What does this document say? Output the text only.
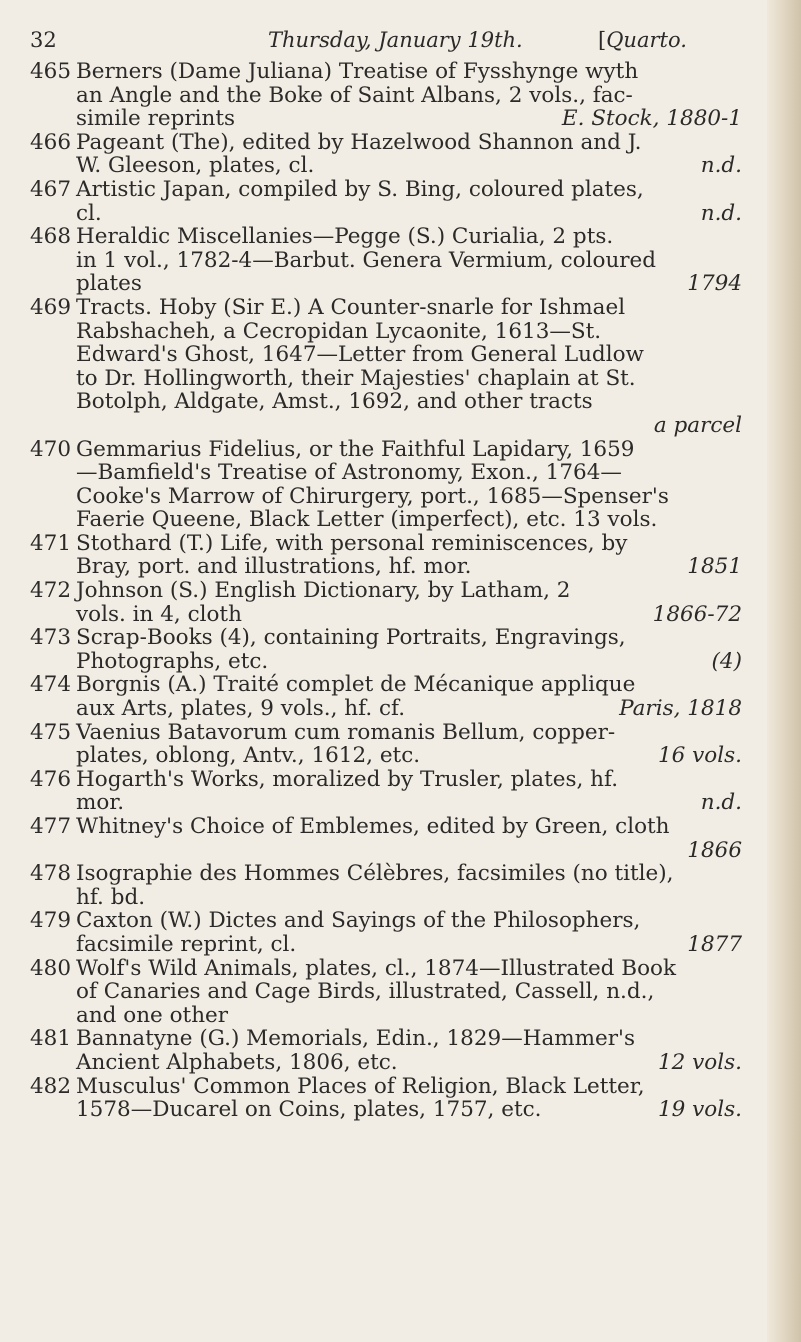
32	Thursday, January 19th.	[Quarto.
465 Berners (Dame Juliana) Treatise of Fysshynge wyth
an Angle and the Boke of Saint Albans, 2 vols., fac-
simile reprints	E. Stock, 1880-1
466 Pageant (The), edited by Hazelwood Shannon and J.
W. Gleeson, plates, cl.	n.d.
467 Artistic Japan, compiled by S. Bing, coloured plates,
cl.	n.d.
468 Heraldic Miscellanies—Pegge (S.) Curialia, 2 pts.
in 1 vol., 1782-4—Barbut. Genera Vermium, coloured
plates	1794
469 Tracts. Hoby (Sir E.) A Counter-snarle for Ishmael
Rabshacheh, a Cecropidan Lycaonite, 1613—St.
Edward's Ghost, 1647—Letter from General Ludlow
to Dr. Hollingworth, their Majesties' chaplain at St.
Botolph, Aldgate, Amst., 1692, and other tracts
a parcel
470 Gemmarius Fidelius, or the Faithful Lapidary, 1659
—Bamfield's Treatise of Astronomy, Exon., 1764—
Cooke's Marrow of Chirurgery, port., 1685—Spenser's
Faerie Queene, Black Letter (imperfect), etc. 13 vols.
471 Stothard (T.) Life, with personal reminiscences, by
Bray, port. and illustrations, hf. mor.	1851
472 Johnson (S.) English Dictionary, by Latham, 2
vols. in 4, cloth	1866-72
473 Scrap-Books (4), containing Portraits, Engravings,
Photographs, etc.	(4)
474 Borgnis (A.) Traité complet de Mécanique applique
aux Arts, plates, 9 vols., hf. cf.	Paris, 1818
475 Vaenius Batavorum cum romanis Bellum, copper-
plates, oblong, Antv., 1612, etc.	16 vols.
476 Hogarth's Works, moralized by Trusler, plates, hf.
mor.	n.d.
477 Whitney's Choice of Emblemes, edited by Green, cloth
1866
478 Isographie des Hommes Célèbres, facsimiles (no title),
hf. bd.
479 Caxton (W.) Dictes and Sayings of the Philosophers,
facsimile reprint, cl.	1877
480 Wolf's Wild Animals, plates, cl., 1874—Illustrated Book
of Canaries and Cage Birds, illustrated, Cassell, n.d.,
and one other
481 Bannatyne (G.) Memorials, Edin., 1829—Hammer's
Ancient Alphabets, 1806, etc.	12 vols.
482 Musculus' Common Places of Religion, Black Letter,
1578—Ducarel on Coins, plates, 1757, etc.	19 vols.
